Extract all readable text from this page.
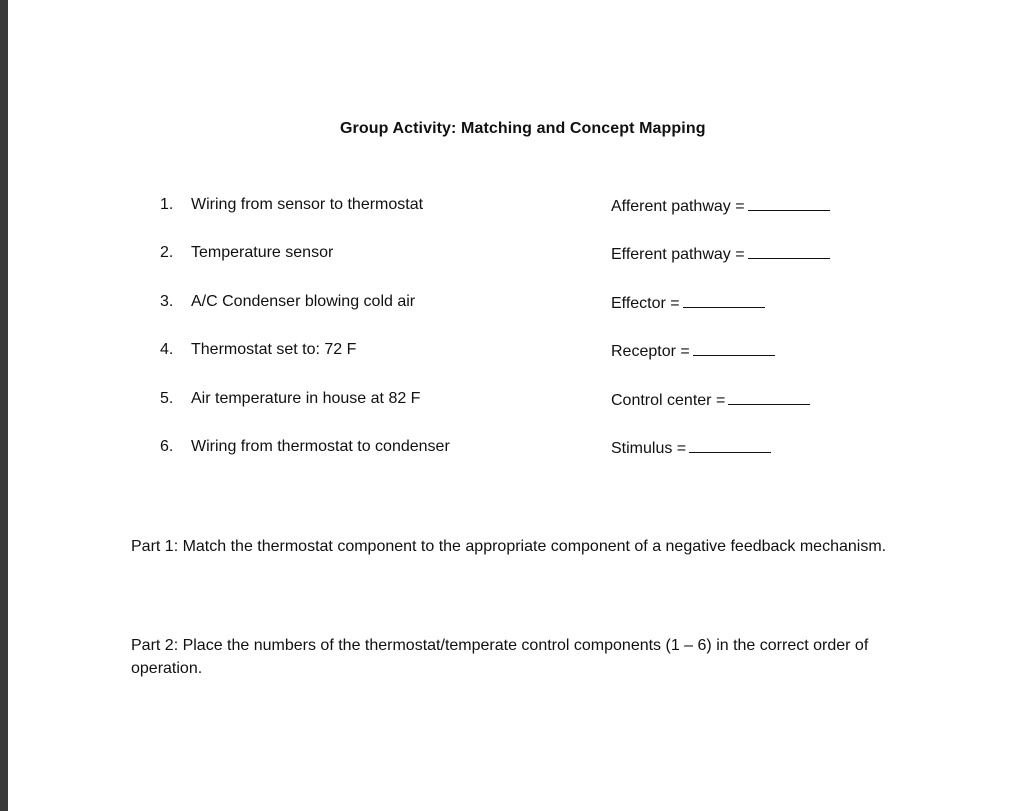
Group Activity: Matching and Concept Mapping
1. Wiring from sensor to thermostat
2. Temperature sensor
3. A/C Condenser blowing cold air
4. Thermostat set to: 72 F
5. Air temperature in house at 82 F
6. Wiring from thermostat to condenser
Afferent pathway =
Efferent pathway =
Effector =
Receptor =
Control center =
Stimulus =
Part 1: Match the thermostat component to the appropriate component of a negative feedback mechanism.
Part 2: Place the numbers of the thermostat/temperate control components (1 – 6) in the correct order of operation.
